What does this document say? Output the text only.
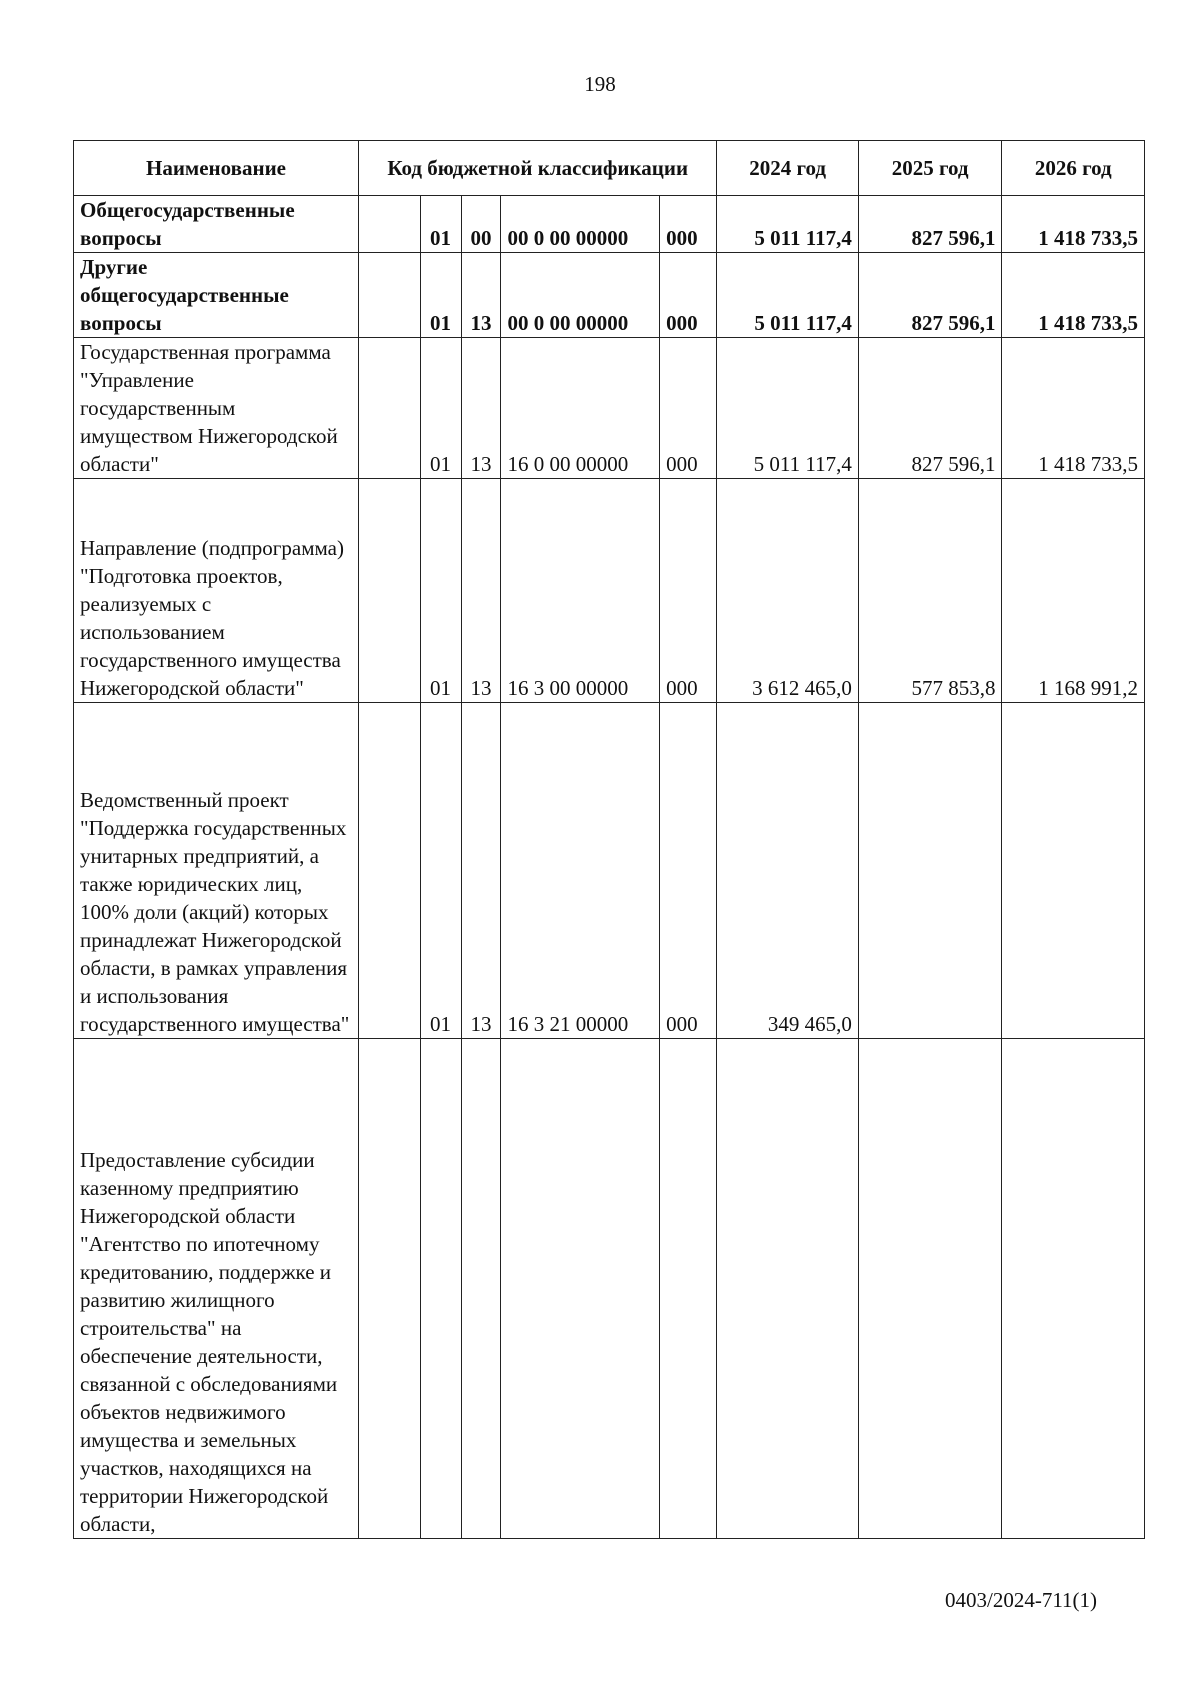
198
Наименование	Код бюджетной классификации					2024 год	2025 год	2026 год
Общегосударственные вопросы		01	00	00 0 00 00000	000	5 011 117,4	827 596,1	1 418 733,5
Другие общегосударственные вопросы		01	13	00 0 00 00000	000	5 011 117,4	827 596,1	1 418 733,5
Государственная программа "Управление государственным имуществом Нижегородской области"		01	13	16 0 00 00000	000	5 011 117,4	827 596,1	1 418 733,5
Направление (подпрограмма) "Подготовка проектов, реализуемых с использованием государственного имущества Нижегородской области"		01	13	16 3 00 00000	000	3 612 465,0	577 853,8	1 168 991,2
Ведомственный проект "Поддержка государственных унитарных предприятий, а также юридических лиц, 100% доли (акций) которых принадлежат Нижегородской области, в рамках управления и использования государственного имущества"		01	13	16 3 21 00000	000	349 465,0		
Предоставление субсидии казенному предприятию Нижегородской области "Агентство по ипотечному кредитованию, поддержке и развитию жилищного строительства" на обеспечение деятельности, связанной с обследованиями объектов недвижимого имущества и земельных участков, находящихся на территории Нижегородской области,								
0403/2024-711(1)
